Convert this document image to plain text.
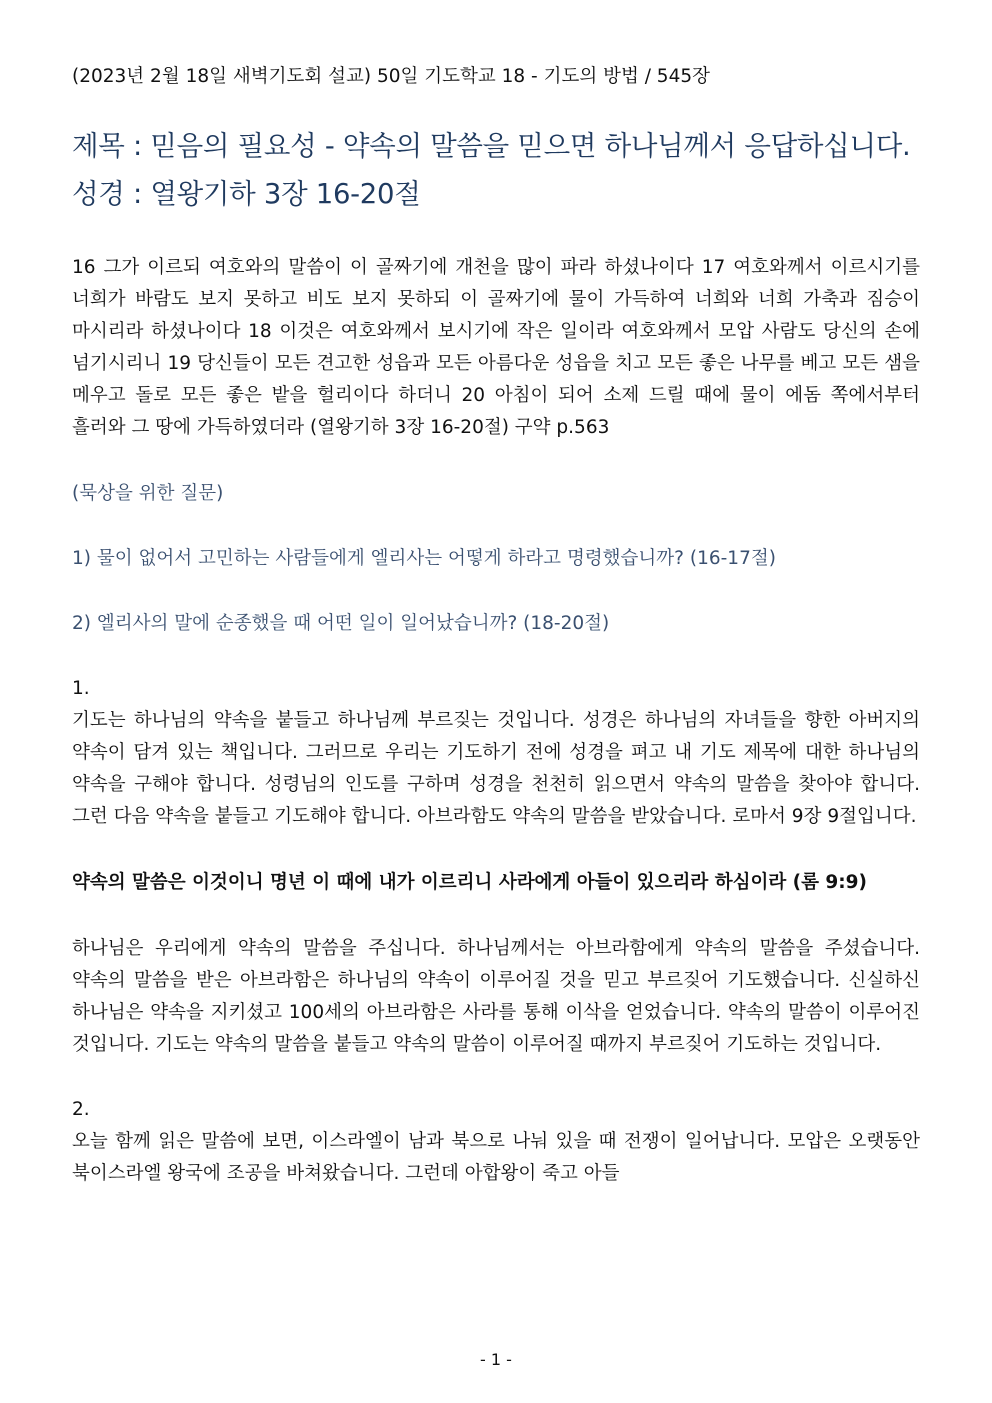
(2023년 2월 18일 새벽기도회 설교) 50일 기도학교 18 - 기도의 방법 / 545장

제목 : 믿음의 필요성 - 약속의 말씀을 믿으면 하나님께서 응답하십니다.

성경 : 열왕기하 3장 16-20절

16 그가 이르되 여호와의 말씀이 이 골짜기에 개천을 많이 파라 하셨나이다 17 여호와께서 이르시기를 너희가 바람도 보지 못하고 비도 보지 못하되 이 골짜기에 물이 가득하여 너희와 너희 가축과 짐승이 마시리라 하셨나이다 18 이것은 여호와께서 보시기에 작은 일이라 여호와께서 모압 사람도 당신의 손에 넘기시리니 19 당신들이 모든 견고한 성읍과 모든 아름다운 성읍을 치고 모든 좋은 나무를 베고 모든 샘을 메우고 돌로 모든 좋은 밭을 헐리이다 하더니 20 아침이 되어 소제 드릴 때에 물이 에돔 쪽에서부터 흘러와 그 땅에 가득하였더라 (열왕기하 3장 16-20절) 구약 p.563

(묵상을 위한 질문)

1) 물이 없어서 고민하는 사람들에게 엘리사는 어떻게 하라고 명령했습니까? (16-17절)

2) 엘리사의 말에 순종했을 때 어떤 일이 일어났습니까? (18-20절)

1.

기도는 하나님의 약속을 붙들고 하나님께 부르짖는 것입니다. 성경은 하나님의 자녀들을 향한 아버지의 약속이 담겨 있는 책입니다. 그러므로 우리는 기도하기 전에 성경을 펴고 내 기도 제목에 대한 하나님의 약속을 구해야 합니다. 성령님의 인도를 구하며 성경을 천천히 읽으면서 약속의 말씀을 찾아야 합니다. 그런 다음 약속을 붙들고 기도해야 합니다. 아브라함도 약속의 말씀을 받았습니다. 로마서 9장 9절입니다.

약속의 말씀은 이것이니 명년 이 때에 내가 이르리니 사라에게 아들이 있으리라 하심이라 (롬 9:9)

하나님은 우리에게 약속의 말씀을 주십니다. 하나님께서는 아브라함에게 약속의 말씀을 주셨습니다. 약속의 말씀을 받은 아브라함은 하나님의 약속이 이루어질 것을 믿고 부르짖어 기도했습니다. 신실하신 하나님은 약속을 지키셨고 100세의 아브라함은 사라를 통해 이삭을 얻었습니다. 약속의 말씀이 이루어진 것입니다. 기도는 약속의 말씀을 붙들고 약속의 말씀이 이루어질 때까지 부르짖어 기도하는 것입니다.

2.

오늘 함께 읽은 말씀에 보면, 이스라엘이 남과 북으로 나눠 있을 때 전쟁이 일어납니다. 모압은 오랫동안 북이스라엘 왕국에 조공을 바쳐왔습니다. 그런데 아합왕이 죽고 아들

- 1 -
